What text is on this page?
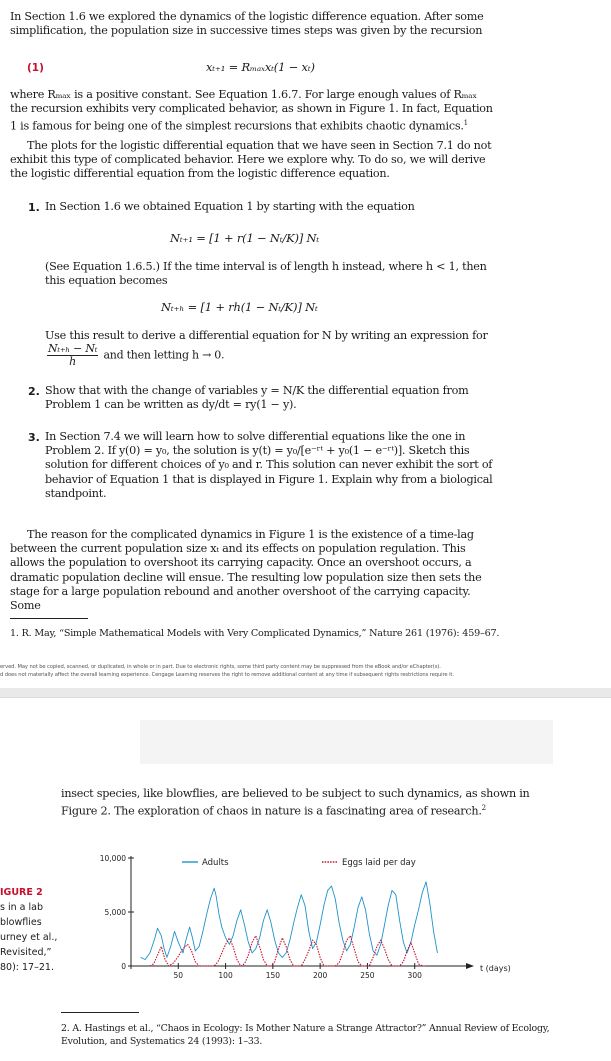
In Section 1.6 we explored the dynamics of the logistic difference equation. After some simplification, the population size in successive times steps was given by the recursion
(1)	xₜ₊₁ = Rₘₐₓxₜ(1 − xₜ)
where Rₘₐₓ is a positive constant. See Equation 1.6.7. For large enough values of Rₘₐₓ the recursion exhibits very complicated behavior, as shown in Figure 1. In fact, Equation 1 is famous for being one of the simplest recursions that exhibits chaotic dynamics.$^1$
The plots for the logistic differential equation that we have seen in Section 7.1 do not exhibit this type of complicated behavior. Here we explore why. To do so, we will derive the logistic differential equation from the logistic difference equation.
1. In Section 1.6 we obtained Equation 1 by starting with the equation
Nₜ₊₁ = [1 + r(1 − Nₜ/K)] Nₜ
(See Equation 1.6.5.) If the time interval is of length h instead, where h < 1, then this equation becomes
Nₜ₊ₕ = [1 + rh(1 − Nₜ/K)] Nₜ
Use this result to derive a differential equation for N by writing an expression for
$\frac{\text{Nₜ₊ₕ − Nₜ}}{h}$ and then letting h → 0.
2. Show that with the change of variables y = N/K the differential equation from Problem 1 can be written as dy/dt = ry(1 − y).
3. In Section 7.4 we will learn how to solve differential equations like the one in Problem 2. If y(0) = y₀, the solution is y(t) = y₀/[e⁻ʳᵗ + y₀(1 − e⁻ʳᵗ)]. Sketch this solution for different choices of y₀ and r. This solution can never exhibit the sort of behavior of Equation 1 that is displayed in Figure 1. Explain why from a biological standpoint.
The reason for the complicated dynamics in Figure 1 is the existence of a time-lag between the current population size xₜ and its effects on population regulation. This allows the population to overshoot its carrying capacity. Once an overshoot occurs, a dramatic population decline will ensue. The resulting low population size then sets the stage for a large population rebound and another overshoot of the carrying capacity. Some
1. R. May, “Simple Mathematical Models with Very Complicated Dynamics,” Nature 261 (1976): 459–67.
erved. May not be copied, scanned, or duplicated, in whole or in part. Due to electronic rights, some third party content may be suppressed from the eBook and/or eChapter(s).
d does not materially affect the overall learning experience. Cengage Learning reserves the right to remove additional content at any time if subsequent rights restrictions require it.
insect species, like blowflies, are believed to be subject to such dynamics, as shown in Figure 2. The exploration of chaos in nature is a fascinating area of research.$^2$
IGURE 2
s in a lab
blowflies
urney et al.,
Revisited,”
80): 17–21.	t (days)
50	100	150	200	250	300
10,000
5,000
0
Adults	Eggs laid per day
2. A. Hastings et al., “Chaos in Ecology: Is Mother Nature a Strange Attractor?” Annual Review of Ecology, Evolution, and Systematics 24 (1993): 1–33.
